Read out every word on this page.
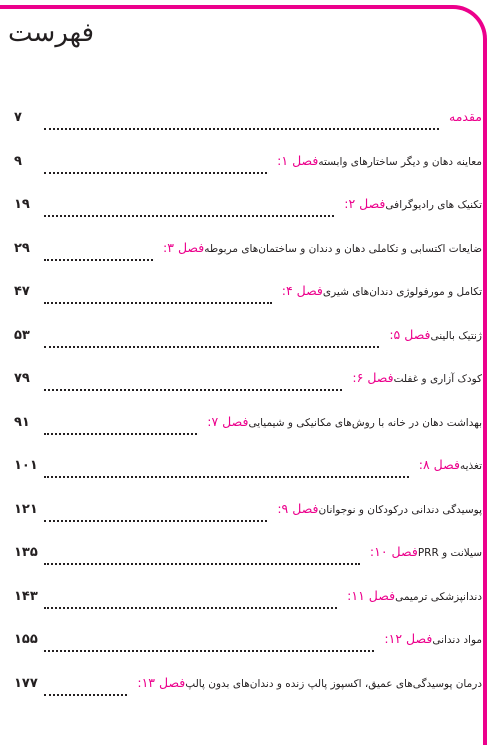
فهرست
۷	مقدمه
۹	فصل ۱: معاینه دهان و دیگر ساختارهای وابسته
۱۹	فصل ۲: تکنیک های رادیوگرافی
۲۹	فصل ۳: ضایعات اکتسابی و تکاملی دهان و دندان و ساختمان‌های مربوطه
۴۷	فصل ۴: تکامل و مورفولوژی دندان‌های شیری
۵۳	فصل ۵: ژنتیک بالینی
۷۹	فصل ۶: کودک آزاری و غفلت
۹۱	فصل ۷: بهداشت دهان در خانه با روش‌های مکانیکی و شیمیایی
۱۰۱	فصل ۸: تغذیه
۱۲۱	فصل ۹: پوسیدگی دندانی درکودکان و نوجوانان
۱۳۵	فصل ۱۰: سیلانت و PRR
۱۴۳	فصل ۱۱: دندانپزشکی ترمیمی
۱۵۵	فصل ۱۲: مواد دندانی
۱۷۷	فصل ۱۳: درمان پوسیدگی‌های عمیق، اکسپوز پالپ زنده و دندان‌های بدون پالپ
